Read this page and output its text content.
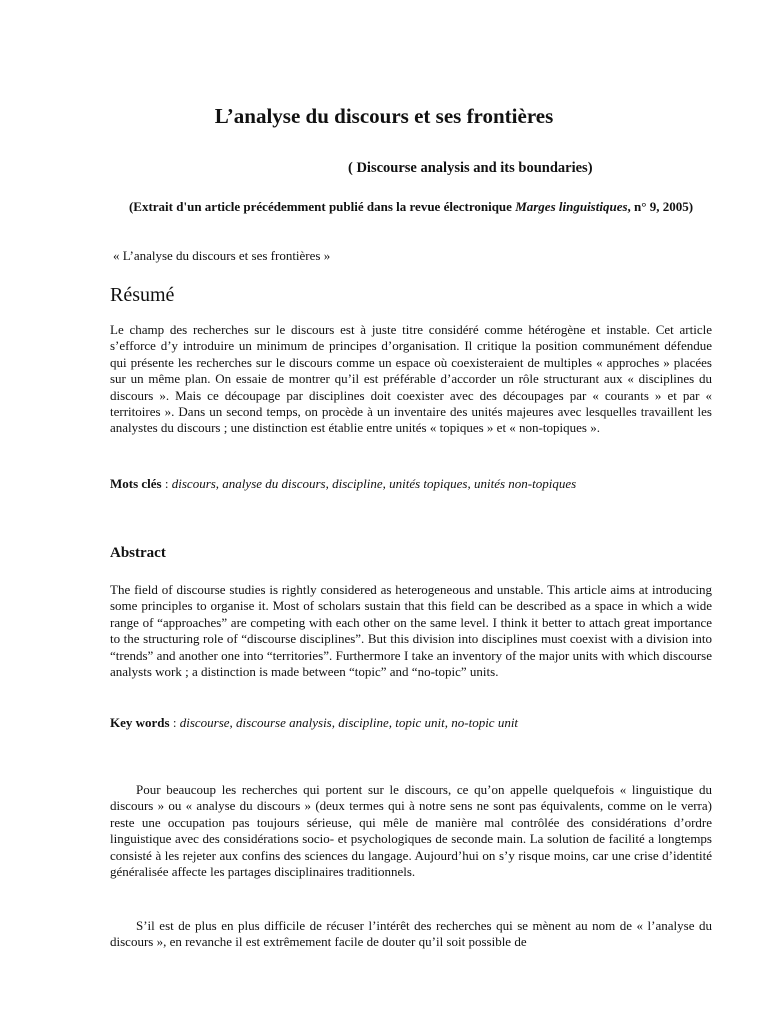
L’analyse du discours et ses frontières

( Discourse analysis and its boundaries)

(Extrait d'un article précédemment publié dans la revue électronique Marges linguistiques, n° 9, 2005)

« L’analyse du discours et ses frontières »

Résumé

Le champ des recherches sur le discours est à juste titre considéré comme hétérogène et instable. Cet article s’efforce d’y introduire un minimum de principes d’organisation. Il critique la position communément défendue qui présente les recherches sur le discours comme un espace où coexisteraient de multiples « approches » placées sur un même plan. On essaie de montrer qu’il est préférable d’accorder un rôle structurant aux « disciplines du discours ». Mais ce découpage par disciplines doit coexister avec des découpages par « courants » et par « territoires ». Dans un second temps, on procède à un inventaire des unités majeures avec lesquelles travaillent les analystes du discours ; une distinction est établie entre unités « topiques » et « non-topiques ».

Mots clés : discours, analyse du discours, discipline, unités topiques, unités non-topiques

Abstract

The field of discourse studies is rightly considered as heterogeneous and unstable. This article aims at introducing some principles to organise it. Most of scholars sustain that this field can be described as a space in which a wide range of “approaches” are competing with each other on the same level. I think it better to attach great importance to the structuring role of “discourse disciplines”. But this division into disciplines must coexist with a division into “trends” and another one into “territories”. Furthermore I take an inventory of the major units with which discourse analysts work ; a distinction is made between “topic” and “no-topic” units.

Key words : discourse, discourse analysis, discipline, topic unit, no-topic unit

Pour beaucoup les recherches qui portent sur le discours, ce qu’on appelle quelquefois « linguistique du discours » ou « analyse du discours » (deux termes qui à notre sens ne sont pas équivalents, comme on le verra) reste une occupation pas toujours sérieuse, qui mêle de manière mal contrôlée des considérations d’ordre linguistique avec des considérations socio- et psychologiques de seconde main. La solution de facilité a longtemps consisté à les rejeter aux confins des sciences du langage. Aujourd’hui on s’y risque moins, car une crise d’identité généralisée affecte les partages disciplinaires traditionnels.

S’il est de plus en plus difficile de récuser l’intérêt des recherches qui se mènent au nom de « l’analyse du discours », en revanche il est extrêmement facile de douter qu’il soit possible de
